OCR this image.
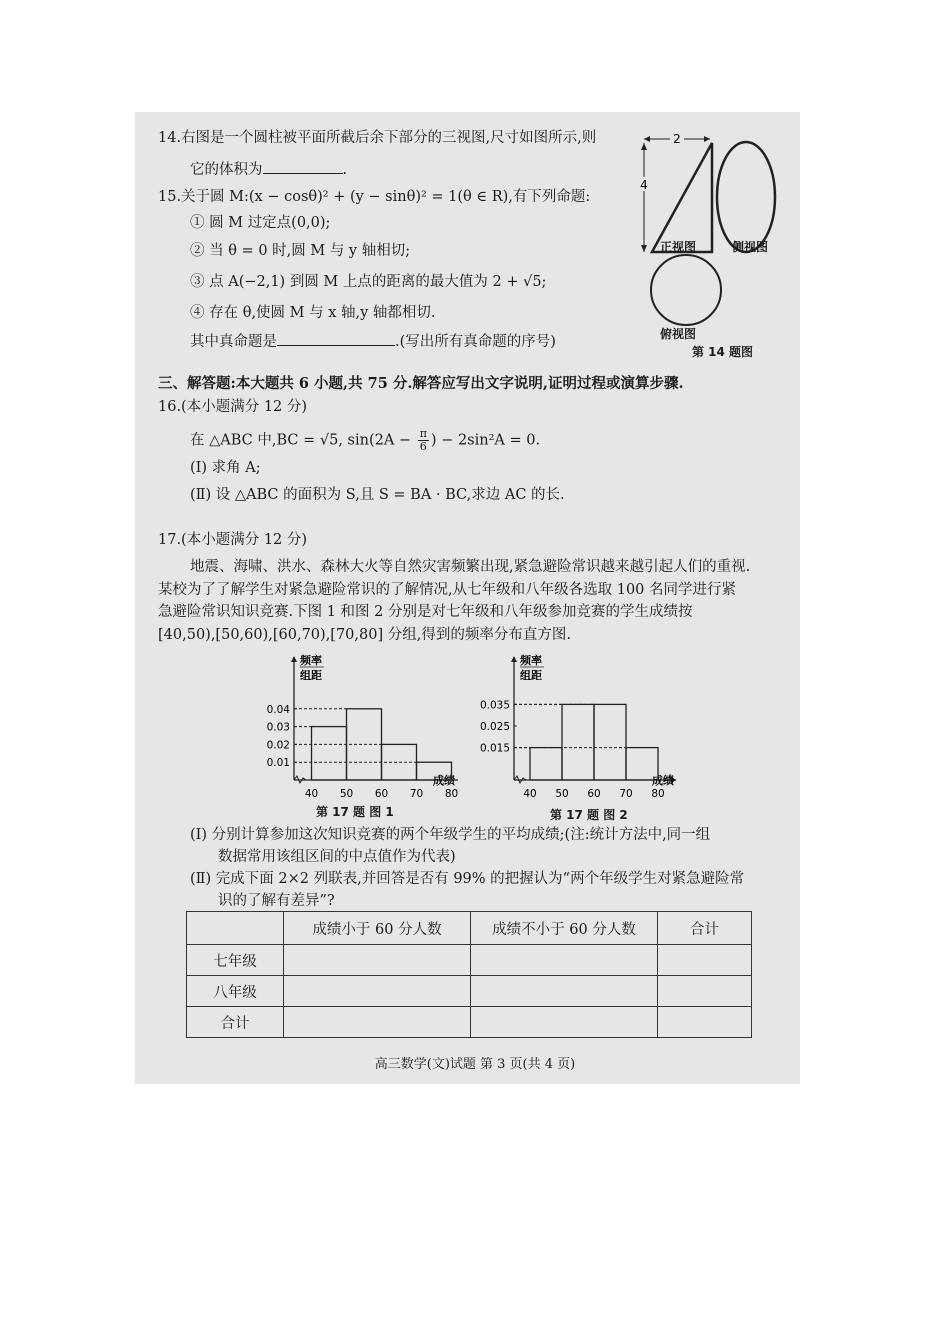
14.右图是一个圆柱被平面所截后余下部分的三视图,尺寸如图所示,则
它的体积为	.
2
4
正视图	侧视图
俯视图
第 14 题图
15.关于圆 M:(x − cosθ)² + (y − sinθ)² = 1(θ ∈ R),有下列命题:
① 圆 M 过定点(0,0);
② 当 θ = 0 时,圆 M 与 y 轴相切;
③ 点 A(−2,1) 到圆 M 上点的距离的最大值为 2 + √5;
④ 存在 θ,使圆 M 与 x 轴,y 轴都相切.
其中真命题是	.(写出所有真命题的序号)
三、解答题:本大题共 6 小题,共 75 分.解答应写出文字说明,证明过程或演算步骤.
16.(本小题满分 12 分)
在 △ABC 中,BC = √5, $\sin(2A - \frac{\pi}{6}$ ) − 2sin²A = 0.
(Ⅰ) 求角 A;
(Ⅱ) 设 △ABC 的面积为 S,且 S = BA · BC,求边 AC 的长.
17.(本小题满分 12 分)
地震、海啸、洪水、森林大火等自然灾害频繁出现,紧急避险常识越来越引起人们的重视.
某校为了了解学生对紧急避险常识的了解情况,从七年级和八年级各选取 100 名同学进行紧
急避险常识知识竞赛.下图 1 和图 2 分别是对七年级和八年级参加竞赛的学生成绩按
[40,50),[50,60),[60,70),[70,80] 分组,得到的频率分布直方图.
频率
组距
成绩
0.01
0.02
0.03
0.04
40 50 60 70 80
频率
组距
成绩
0.015
0.025
0.035
40 50 60 70 80
第 17 题 图 1	第 17 题 图 2
(Ⅰ) 分别计算参加这次知识竞赛的两个年级学生的平均成绩;(注:统计方法中,同一组
数据常用该组区间的中点值作为代表)
(Ⅱ) 完成下面 2×2 列联表,并回答是否有 99% 的把握认为“两个年级学生对紧急避险常
识的了解有差异”?
	成绩小于 60 分人数	成绩不小于 60 分人数	合计
七年级			
八年级			
合计			
高三数学(文)试题 第 3 页(共 4 页)
